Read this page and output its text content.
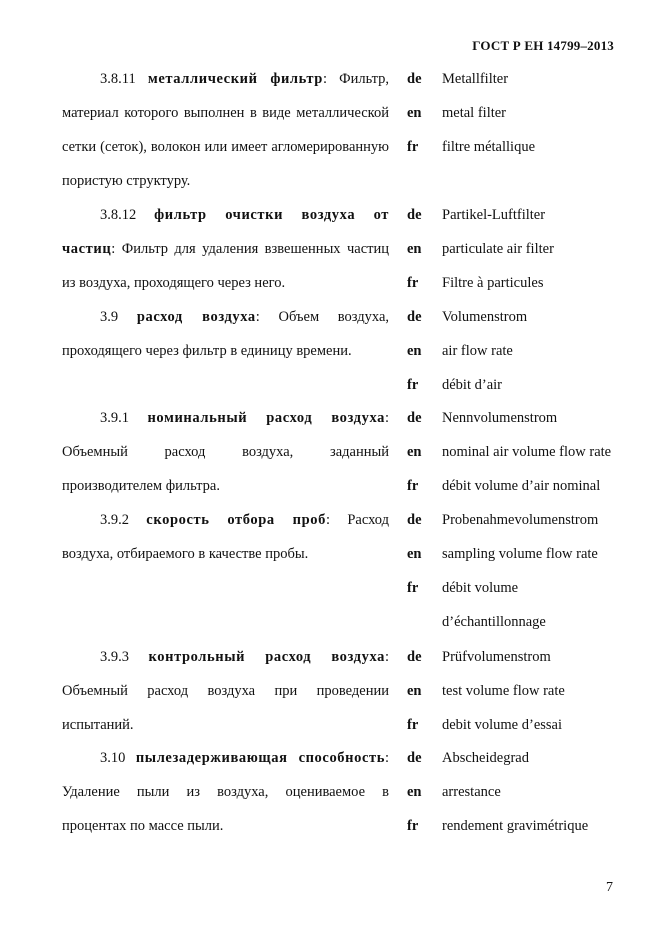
ГОСТ Р ЕН 14799–2013

3.8.11 металлический фильтр: Фильтр, материал которого выполнен в виде металлической сетки (сеток), волокон или имеет агломерированную пористую структуру.

de Metallfilter
en metal filter
fr filtre métallique

3.8.12 фильтр очистки воздуха от частиц: Фильтр для удаления взвешенных частиц из воздуха, проходящего через него.

de Partikel-Luftfilter
en particulate air filter
fr Filtre à particules

3.9 расход воздуха: Объем воздуха, проходящего через фильтр в единицу времени.

de Volumenstrom
en air flow rate
fr débit d’air

3.9.1 номинальный расход воздуха: Объемный расход воздуха, заданный производителем фильтра.

de Nennvolumenstrom
en nominal air volume flow rate
fr débit volume d’air nominal

3.9.2 скорость отбора проб: Расход воздуха, отбираемого в качестве пробы.

de Probenahmevolumenstrom
en sampling volume flow rate
fr débit volume
d’échantillonnage

3.9.3 контрольный расход воздуха: Объемный расход воздуха при проведении испытаний.

de Prüfvolumenstrom
en test volume flow rate
fr debit volume d’essai

3.10 пылезадерживающая способность: Удаление пыли из воздуха, оцениваемое в процентах по массе пыли.

de Abscheidegrad
en arrestance
fr rendement gravimétrique
7
